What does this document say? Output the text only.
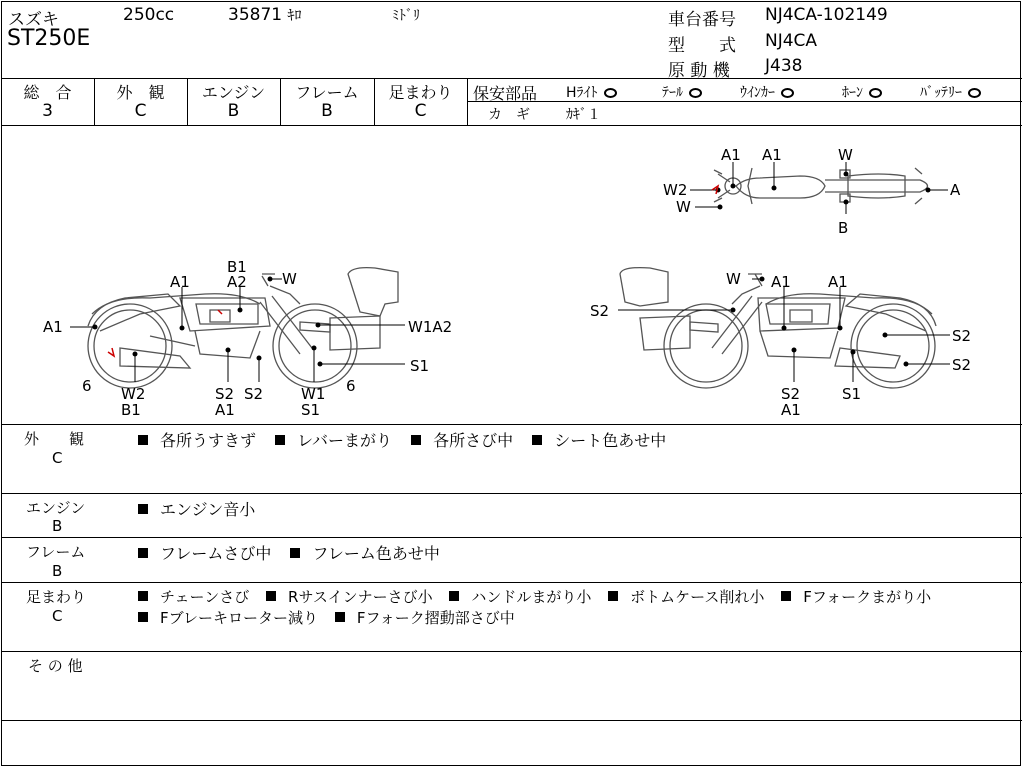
スズキ	250cc	35871 ｷﾛ	ﾐﾄﾞﾘ
ST250E
車台番号 NJ4CA-102149
型　　式 NJ4CA
原 動 機 J438
総　合
3
外　観
C
エンジン
B
フレーム
B
足まわり
C
保安部品 Hﾗｲﾄ	ﾃｰﾙ	ｳｲﾝｶｰ	ﾎｰﾝ	ﾊﾞｯﾃﾘｰ
カ　ギ	ｶｷﾞ１
A1 A1	W
W2
W
B
A
B1
A2 W
A1
A1	W1A2
6 W2
B1
S2
A1
S2	W1
S1
6
S1
W A1 A1
S2
S2
S2
S2
A1
S1
外　　観
C
各所うすきず	レバーまがり	各所さび中	シート色あせ中
エンジン
B
エンジン音小
フレーム
B
フレームさび中	フレーム色あせ中
足まわり
C
チェーンさび	Rサスインナーさび小	ハンドルまがり小	ボトムケース削れ小	Fフォークまがり小
Fブレーキローター減り	Fフォーク摺動部さび中
そ の 他
